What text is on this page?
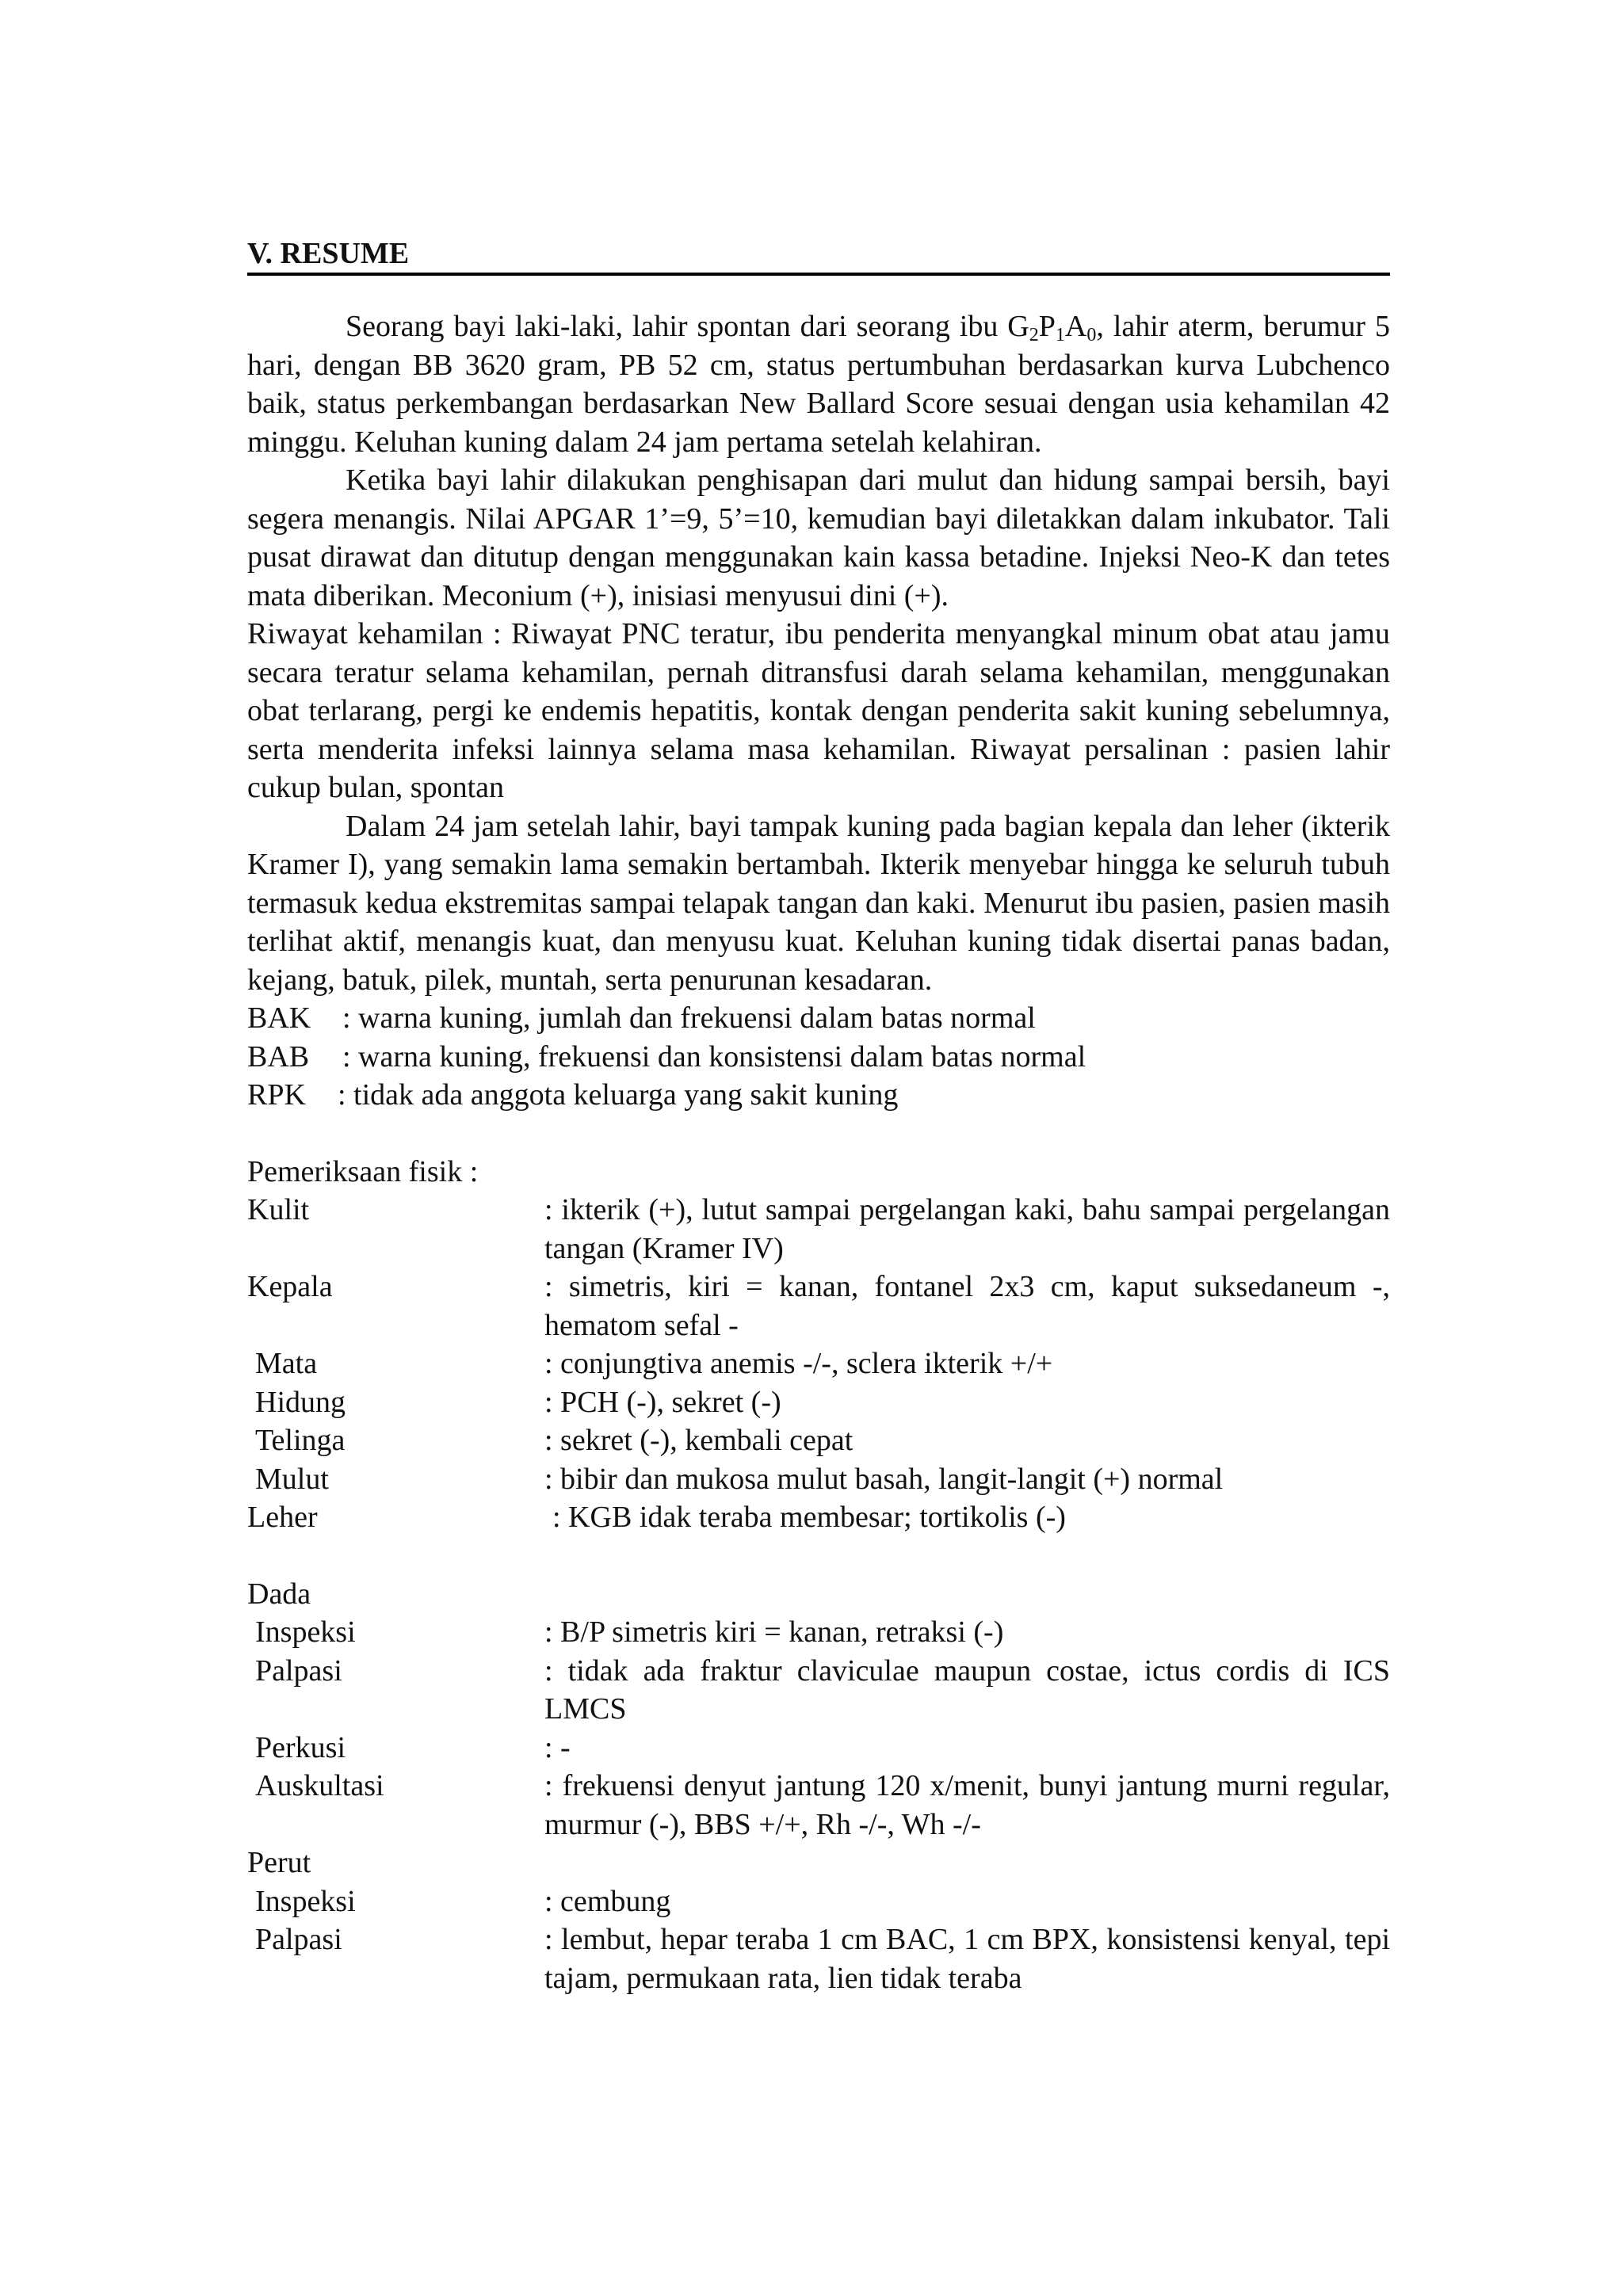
V. RESUME

Seorang bayi laki-laki, lahir spontan dari seorang ibu $G_2P_1A_0$, lahir aterm, berumur 5 hari, dengan BB 3620 gram, PB 52 cm, status pertumbuhan berdasarkan kurva Lubchenco baik, status perkembangan berdasarkan New Ballard Score sesuai dengan usia kehamilan 42 minggu. Keluhan kuning dalam 24 jam pertama setelah kelahiran.

Ketika bayi lahir dilakukan penghisapan dari mulut dan hidung sampai bersih, bayi segera menangis. Nilai APGAR 1’=9, 5’=10, kemudian bayi diletakkan dalam inkubator. Tali pusat dirawat dan ditutup dengan menggunakan kain kassa betadine. Injeksi Neo-K dan tetes mata diberikan. Meconium (+), inisiasi menyusui dini (+).

Riwayat kehamilan : Riwayat PNC teratur, ibu penderita menyangkal minum obat atau jamu secara teratur selama kehamilan, pernah ditransfusi darah selama kehamilan, menggunakan obat terlarang, pergi ke endemis hepatitis, kontak dengan penderita sakit kuning sebelumnya, serta menderita infeksi lainnya selama masa kehamilan. Riwayat persalinan : pasien lahir cukup bulan, spontan

Dalam 24 jam setelah lahir, bayi tampak kuning pada bagian kepala dan leher (ikterik Kramer I), yang semakin lama semakin bertambah. Ikterik menyebar hingga ke seluruh tubuh termasuk kedua ekstremitas sampai telapak tangan dan kaki. Menurut ibu pasien, pasien masih terlihat aktif, menangis kuat, dan menyusu kuat. Keluhan kuning tidak disertai panas badan, kejang, batuk, pilek, muntah, serta penurunan kesadaran.

BAK	: warna kuning, jumlah dan frekuensi dalam batas normal
BAB	: warna kuning, frekuensi dan konsistensi dalam batas normal
RPK	: tidak ada anggota keluarga yang sakit kuning

Pemeriksaan fisik :

Kulit	: ikterik (+), lutut sampai pergelangan kaki, bahu sampai pergelangan tangan (Kramer IV)
Kepala	: simetris, kiri = kanan, fontanel 2x3 cm, kaput suksedaneum -, hematom sefal -
Mata	: conjungtiva anemis -/-, sclera ikterik +/+
Hidung	: PCH (-), sekret (-)
Telinga	: sekret (-), kembali cepat
Mulut	: bibir dan mukosa mulut basah, langit-langit (+) normal
Leher	: KGB idak teraba membesar; tortikolis (-)

Dada

Inspeksi	: B/P simetris kiri = kanan, retraksi (-)
Palpasi	: tidak ada fraktur claviculae maupun costae, ictus cordis di ICS LMCS
Perkusi	: -
Auskultasi	: frekuensi denyut jantung 120 x/menit, bunyi jantung murni regular, murmur (-), BBS +/+, Rh -/-, Wh -/-

Perut

Inspeksi	: cembung
Palpasi	: lembut, hepar teraba 1 cm BAC, 1 cm BPX, konsistensi kenyal, tepi tajam, permukaan rata, lien tidak teraba
